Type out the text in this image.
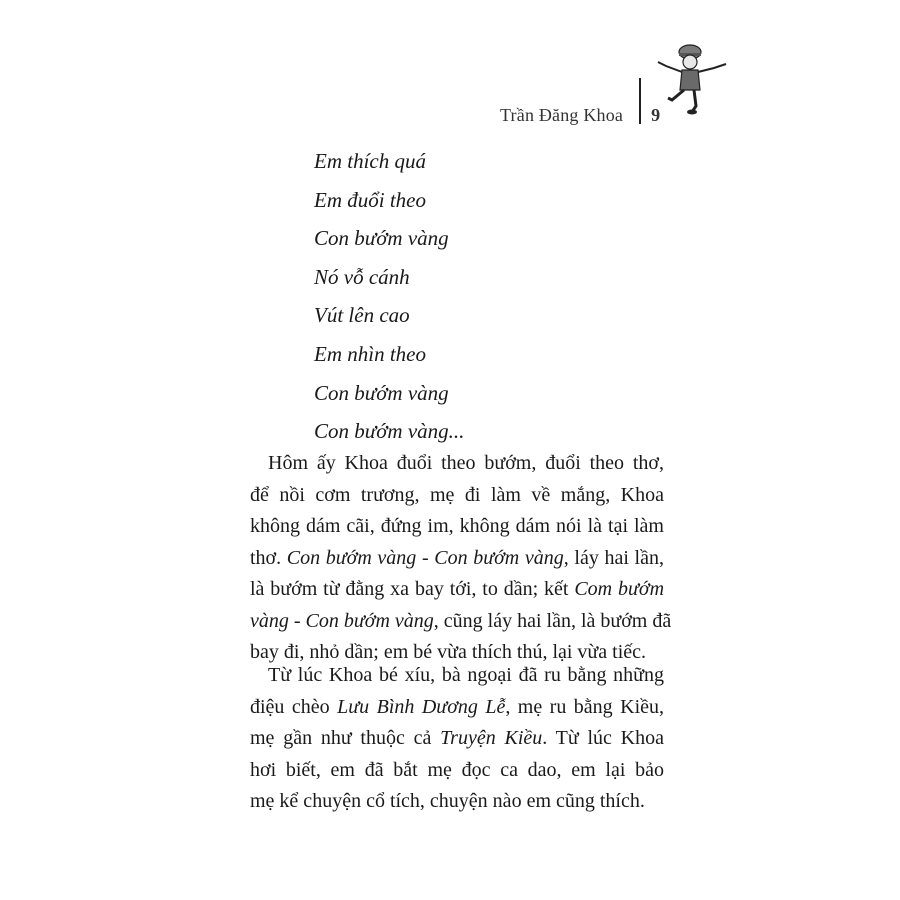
Trần Đăng Khoa 9
Em thích quá
Em đuổi theo
Con bướm vàng
Nó vỗ cánh
Vút lên cao
Em nhìn theo
Con bướm vàng
Con bướm vàng...
Hôm ấy Khoa đuổi theo bướm, đuổi theo thơ,
để nồi cơm trương, mẹ đi làm về mắng, Khoa
không dám cãi, đứng im, không dám nói là tại làm
thơ. Con bướm vàng - Con bướm vàng, láy hai lần,
là bướm từ đằng xa bay tới, to dần; kết Com bướm
vàng - Con bướm vàng, cũng láy hai lần, là bướm đã
bay đi, nhỏ dần; em bé vừa thích thú, lại vừa tiếc.
Từ lúc Khoa bé xíu, bà ngoại đã ru bằng những
điệu chèo Lưu Bình Dương Lễ, mẹ ru bằng Kiều,
mẹ gần như thuộc cả Truyện Kiều. Từ lúc Khoa
hơi biết, em đã bắt mẹ đọc ca dao, em lại bảo
mẹ kể chuyện cổ tích, chuyện nào em cũng thích.
